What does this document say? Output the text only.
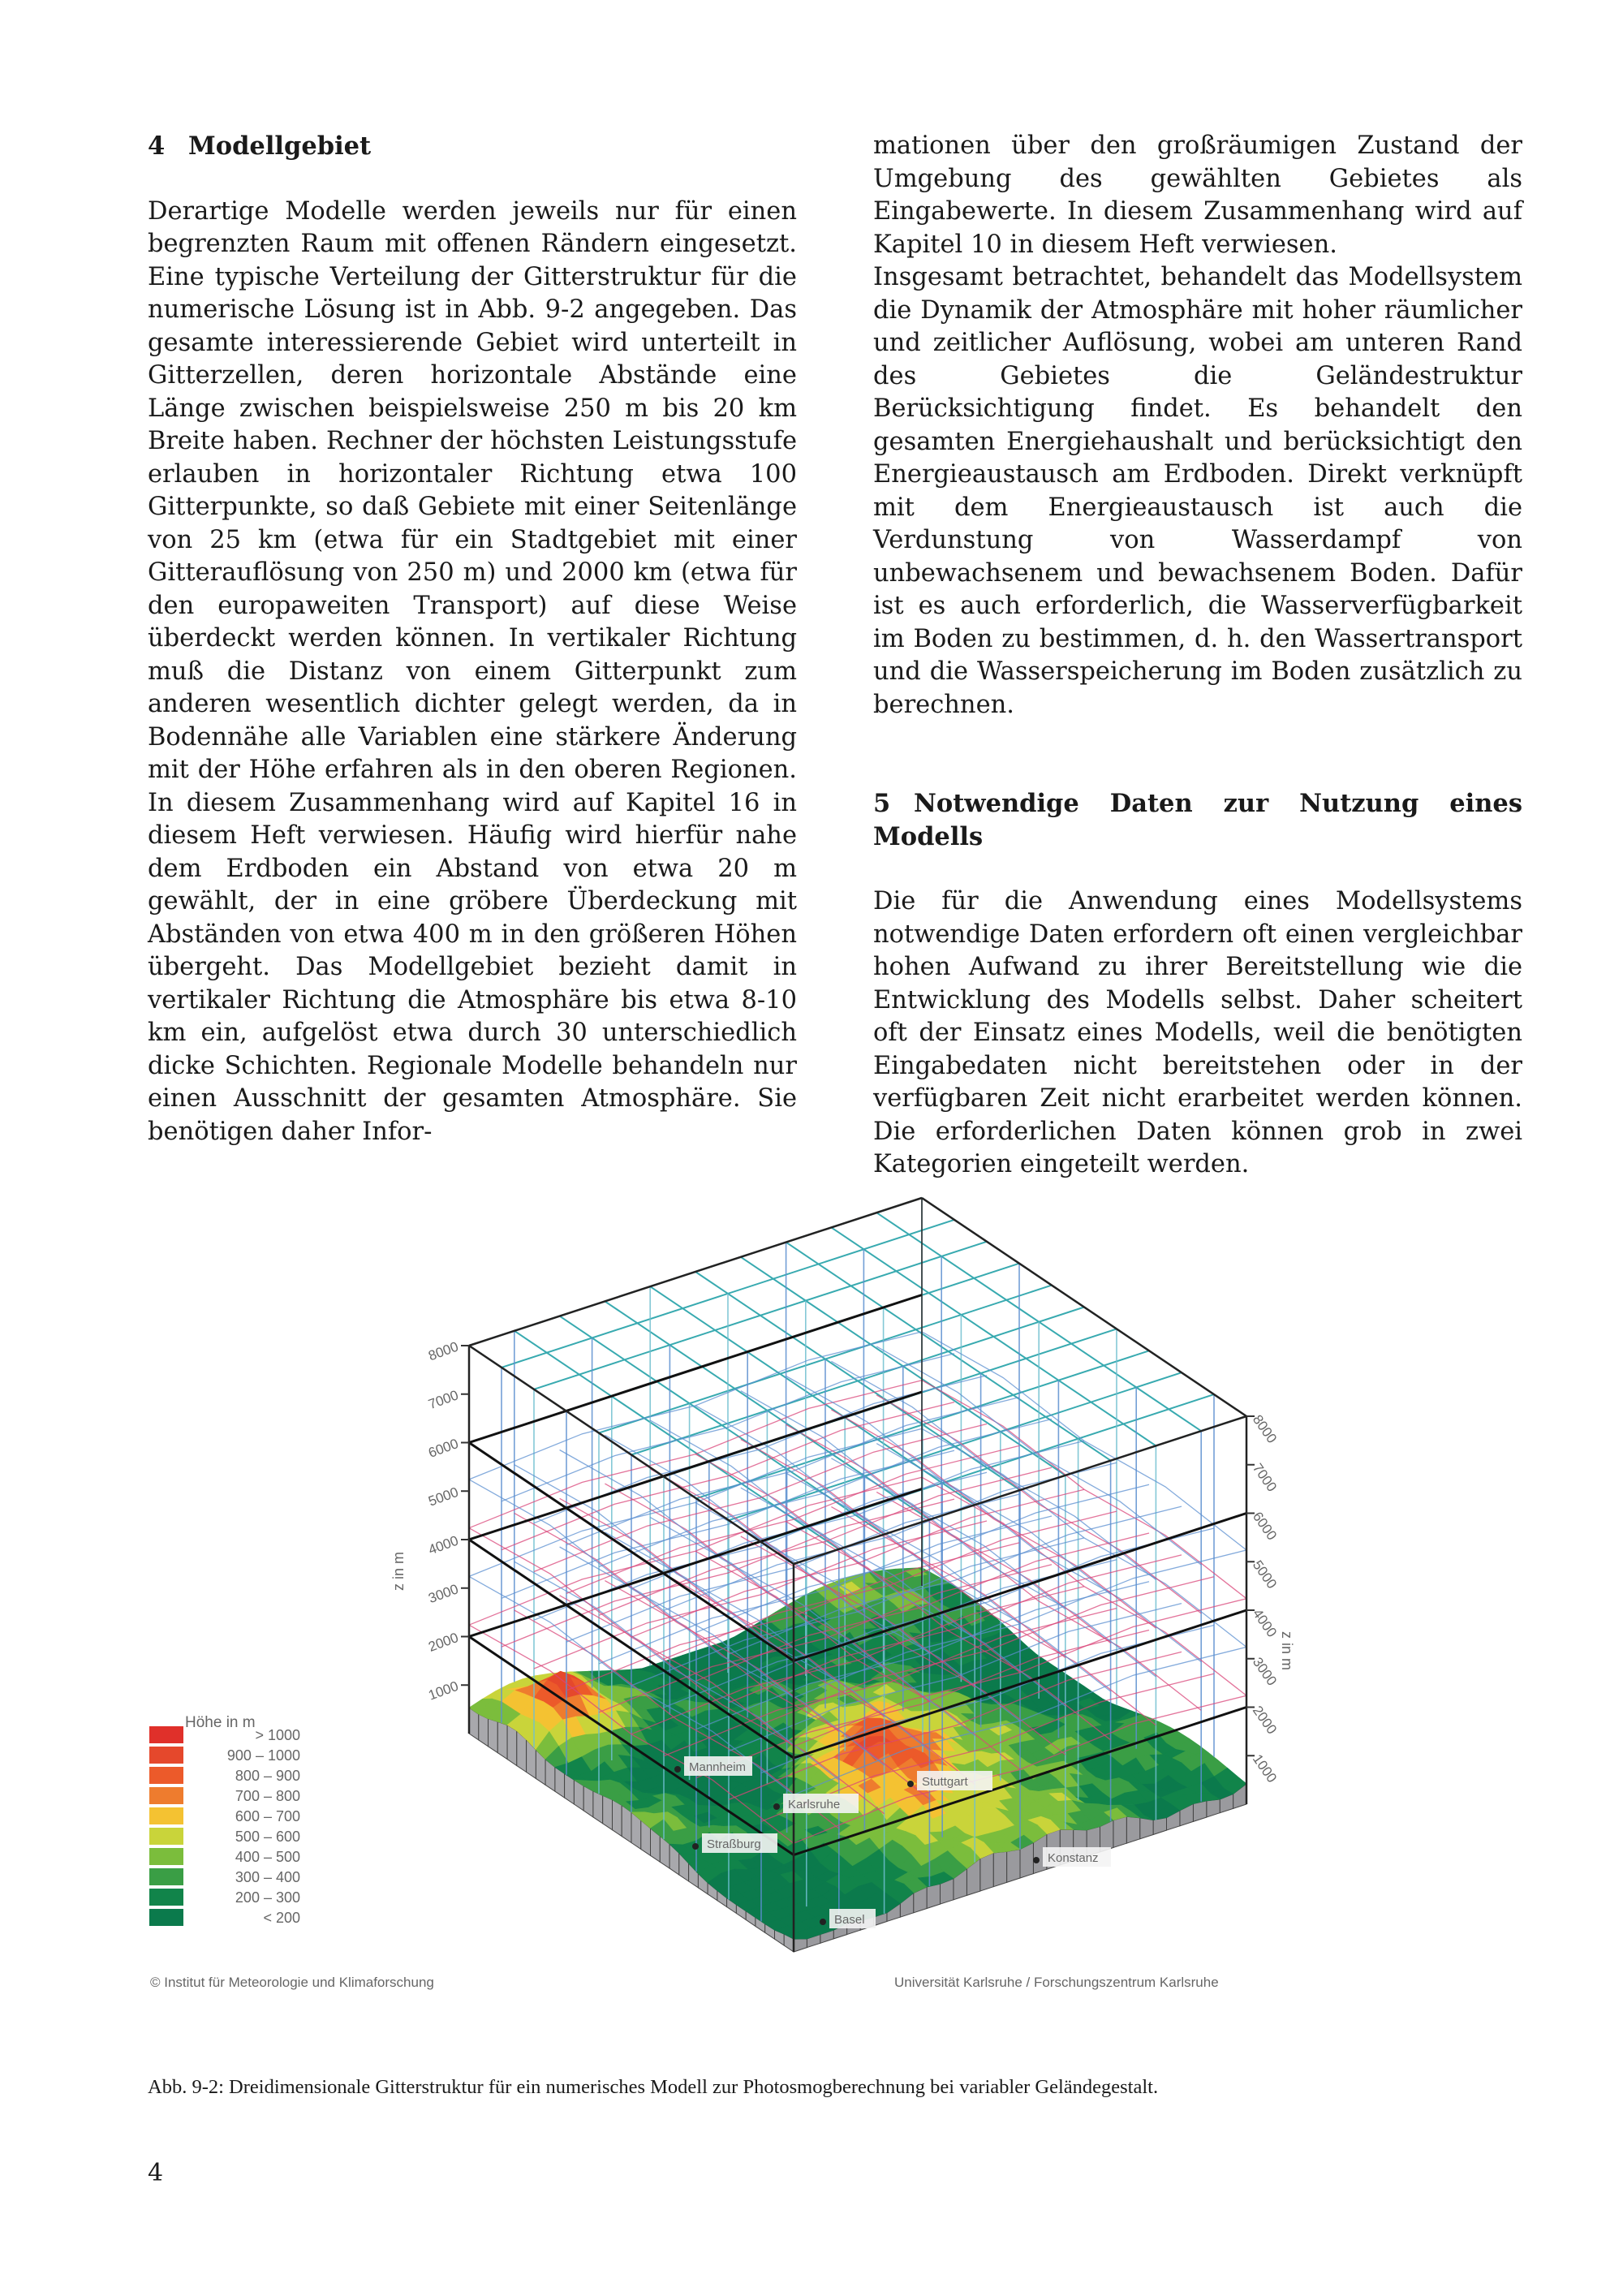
4 Modellgebiet

Derartige Modelle werden jeweils nur für einen begrenzten Raum mit offenen Rändern eingesetzt. Eine typische Verteilung der Gitterstruktur für die numerische Lösung ist in Abb. 9-2 angegeben. Das gesamte interessierende Gebiet wird unterteilt in Gitterzellen, deren horizontale Abstände eine Länge zwischen beispielsweise 250 m bis 20 km Breite haben. Rechner der höchsten Leistungsstufe erlauben in horizontaler Richtung etwa 100 Gitterpunkte, so daß Gebiete mit einer Seitenlänge von 25 km (etwa für ein Stadtgebiet mit einer Gitterauflösung von 250 m) und 2000 km (etwa für den europaweiten Transport) auf diese Weise überdeckt werden können. In vertikaler Richtung muß die Distanz von einem Gitterpunkt zum anderen wesentlich dichter gelegt werden, da in Bodennähe alle Variablen eine stärkere Änderung mit der Höhe erfahren als in den oberen Regionen. In diesem Zusammenhang wird auf Kapitel 16 in diesem Heft verwiesen. Häufig wird hierfür nahe dem Erdboden ein Abstand von etwa 20 m gewählt, der in eine gröbere Überdeckung mit Abständen von etwa 400 m in den größeren Höhen übergeht. Das Modellgebiet bezieht damit in vertikaler Richtung die Atmosphäre bis etwa 8-10 km ein, aufgelöst etwa durch 30 unterschiedlich dicke Schichten. Regionale Modelle behandeln nur einen Ausschnitt der gesamten Atmosphäre. Sie benötigen daher Infor-

mationen über den großräumigen Zustand der Umgebung des gewählten Gebietes als Eingabewerte. In diesem Zusammenhang wird auf Kapitel 10 in diesem Heft verwiesen.

Insgesamt betrachtet, behandelt das Modellsystem die Dynamik der Atmosphäre mit hoher räumlicher und zeitlicher Auflösung, wobei am unteren Rand des Gebietes die Geländestruktur Berücksichtigung findet. Es behandelt den gesamten Energiehaushalt und berücksichtigt den Energieaustausch am Erdboden. Direkt verknüpft mit dem Energieaustausch ist auch die Verdunstung von Wasserdampf von unbewachsenem und bewachsenem Boden. Dafür ist es auch erforderlich, die Wasserverfügbarkeit im Boden zu bestimmen, d. h. den Wassertransport und die Wasserspeicherung im Boden zusätzlich zu berechnen.

5 Notwendige Daten zur Nutzung eines Modells

Die für die Anwendung eines Modellsystems notwendige Daten erfordern oft einen vergleichbar hohen Aufwand zu ihrer Bereitstellung wie die Entwicklung des Modells selbst. Daher scheitert oft der Einsatz eines Modells, weil die benötigten Eingabedaten nicht bereitstehen oder in der verfügbaren Zeit nicht erarbeitet werden können. Die erforderlichen Daten können grob in zwei Kategorien eingeteilt werden.

1000
2000
3000
4000
5000
6000
7000
8000
1000
2000
3000
4000
5000
6000
7000
8000
z in m
z in m
Mannheim
Karlsruhe
Stuttgart
Straßburg
Konstanz
Basel
Höhe in m
> 1000
900 – 1000
800 – 900
700 – 800
600 – 700
500 – 600
400 – 500
300 – 400
200 – 300
< 200
© Institut für Meteorologie und Klimaforschung	Universität Karlsruhe / Forschungszentrum Karlsruhe
Abb. 9-2: Dreidimensionale Gitterstruktur für ein numerisches Modell zur Photosmogberechnung bei variabler Geländegestalt.
4
